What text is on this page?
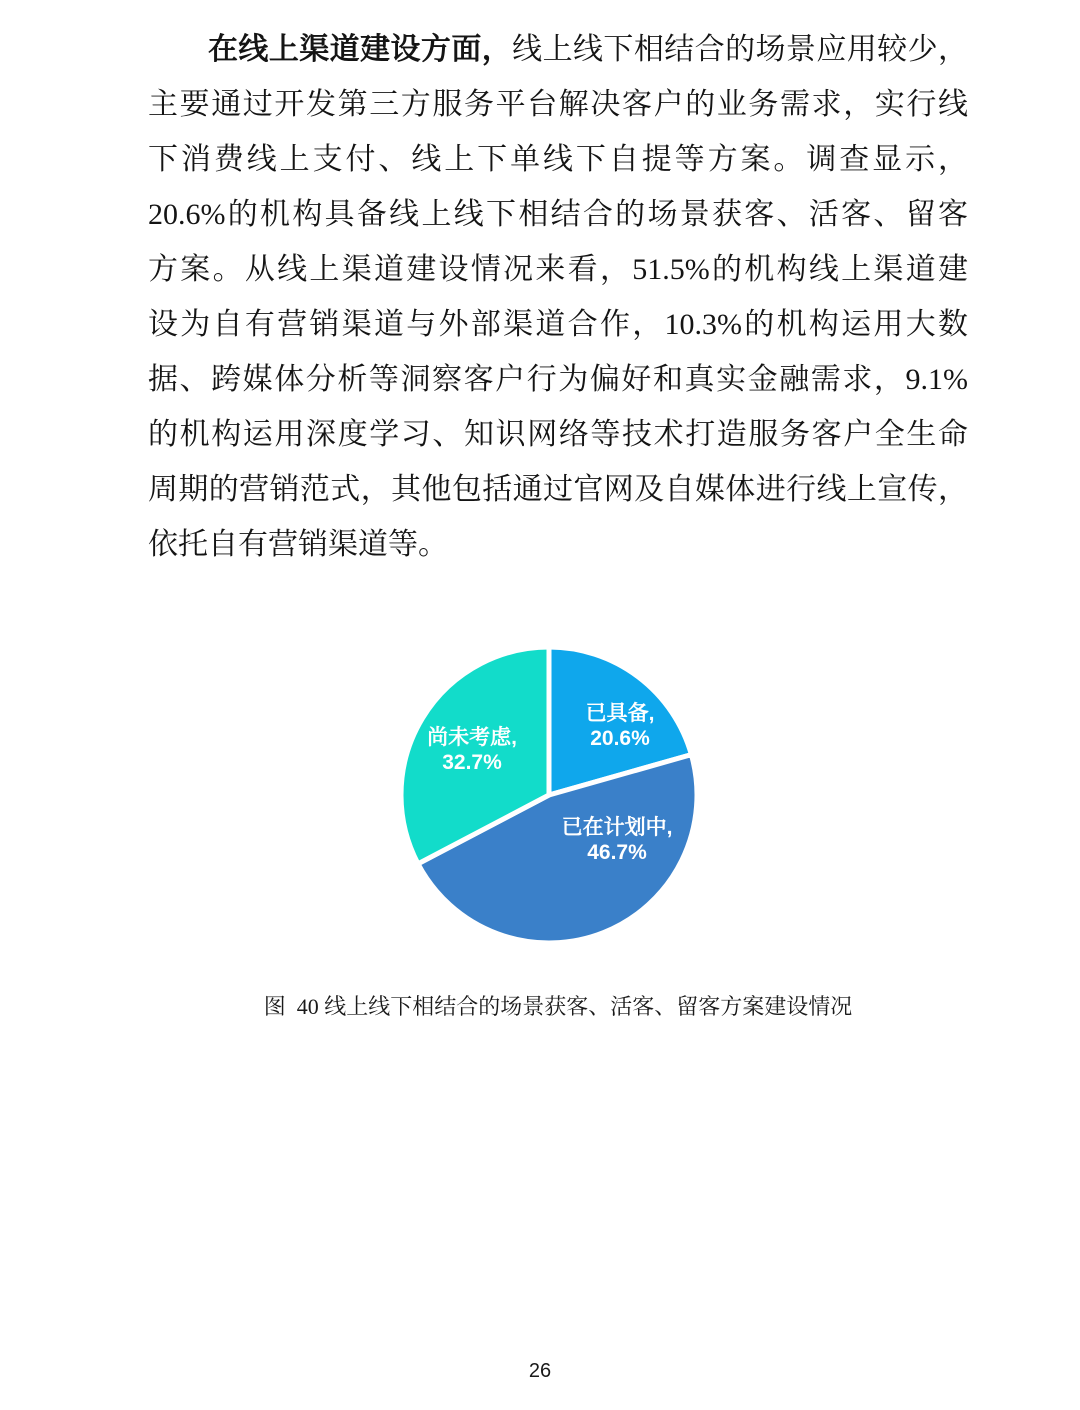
在线上渠道建设方面，线上线下相结合的场景应用较少，
主要通过开发第三方服务平台解决客户的业务需求，实行线
下消费线上支付、线上下单线下自提等方案。调查显示，
20.6%的机构具备线上线下相结合的场景获客、活客、留客
方案。从线上渠道建设情况来看，51.5%的机构线上渠道建
设为自有营销渠道与外部渠道合作，10.3%的机构运用大数
据、跨媒体分析等洞察客户行为偏好和真实金融需求，9.1%
的机构运用深度学习、知识网络等技术打造服务客户全生命
周期的营销范式，其他包括通过官网及自媒体进行线上宣传，
依托自有营销渠道等。
已具备,
20.6%
已在计划中,
46.7%
尚未考虑,
32.7%
图  40 线上线下相结合的场景获客、活客、留客方案建设情况
26
